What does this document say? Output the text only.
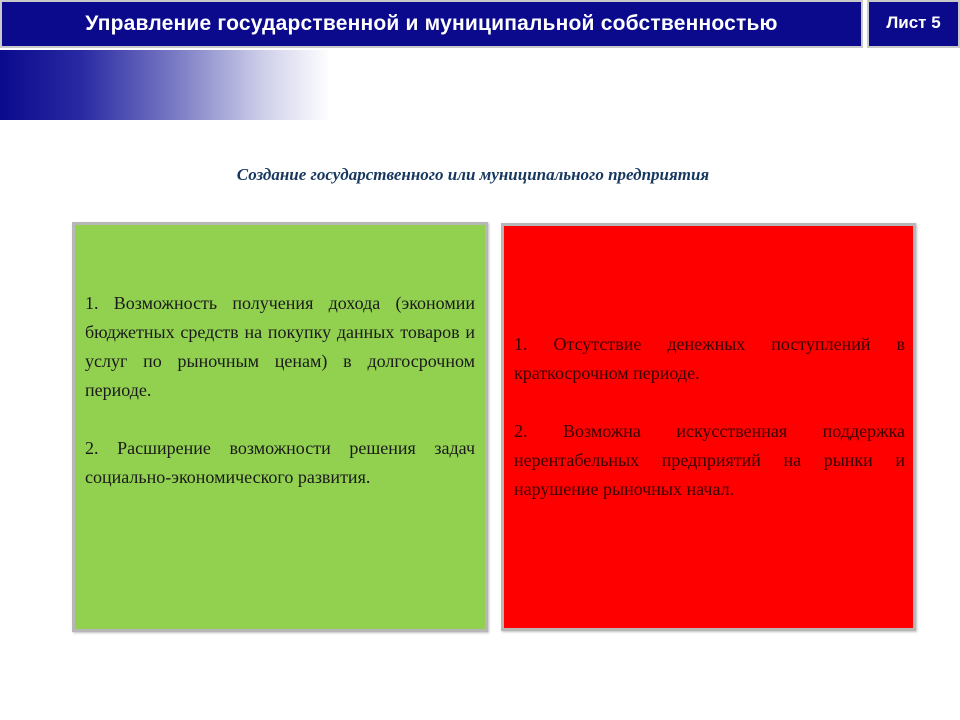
Управление государственной и муниципальной собственностью	Лист 5
Создание государственного или муниципального предприятия

1. Возможность получения дохода (экономии бюджетных средств на покупку данных товаров и услуг по рыночным ценам) в долгосрочном периоде.

2. Расширение возможности решения задач социально-экономического развития.

1. Отсутствие денежных поступлений в краткосрочном периоде.

2. Возможна искусственная поддержка нерентабельных предприятий на рынки и нарушение рыночных начал.
